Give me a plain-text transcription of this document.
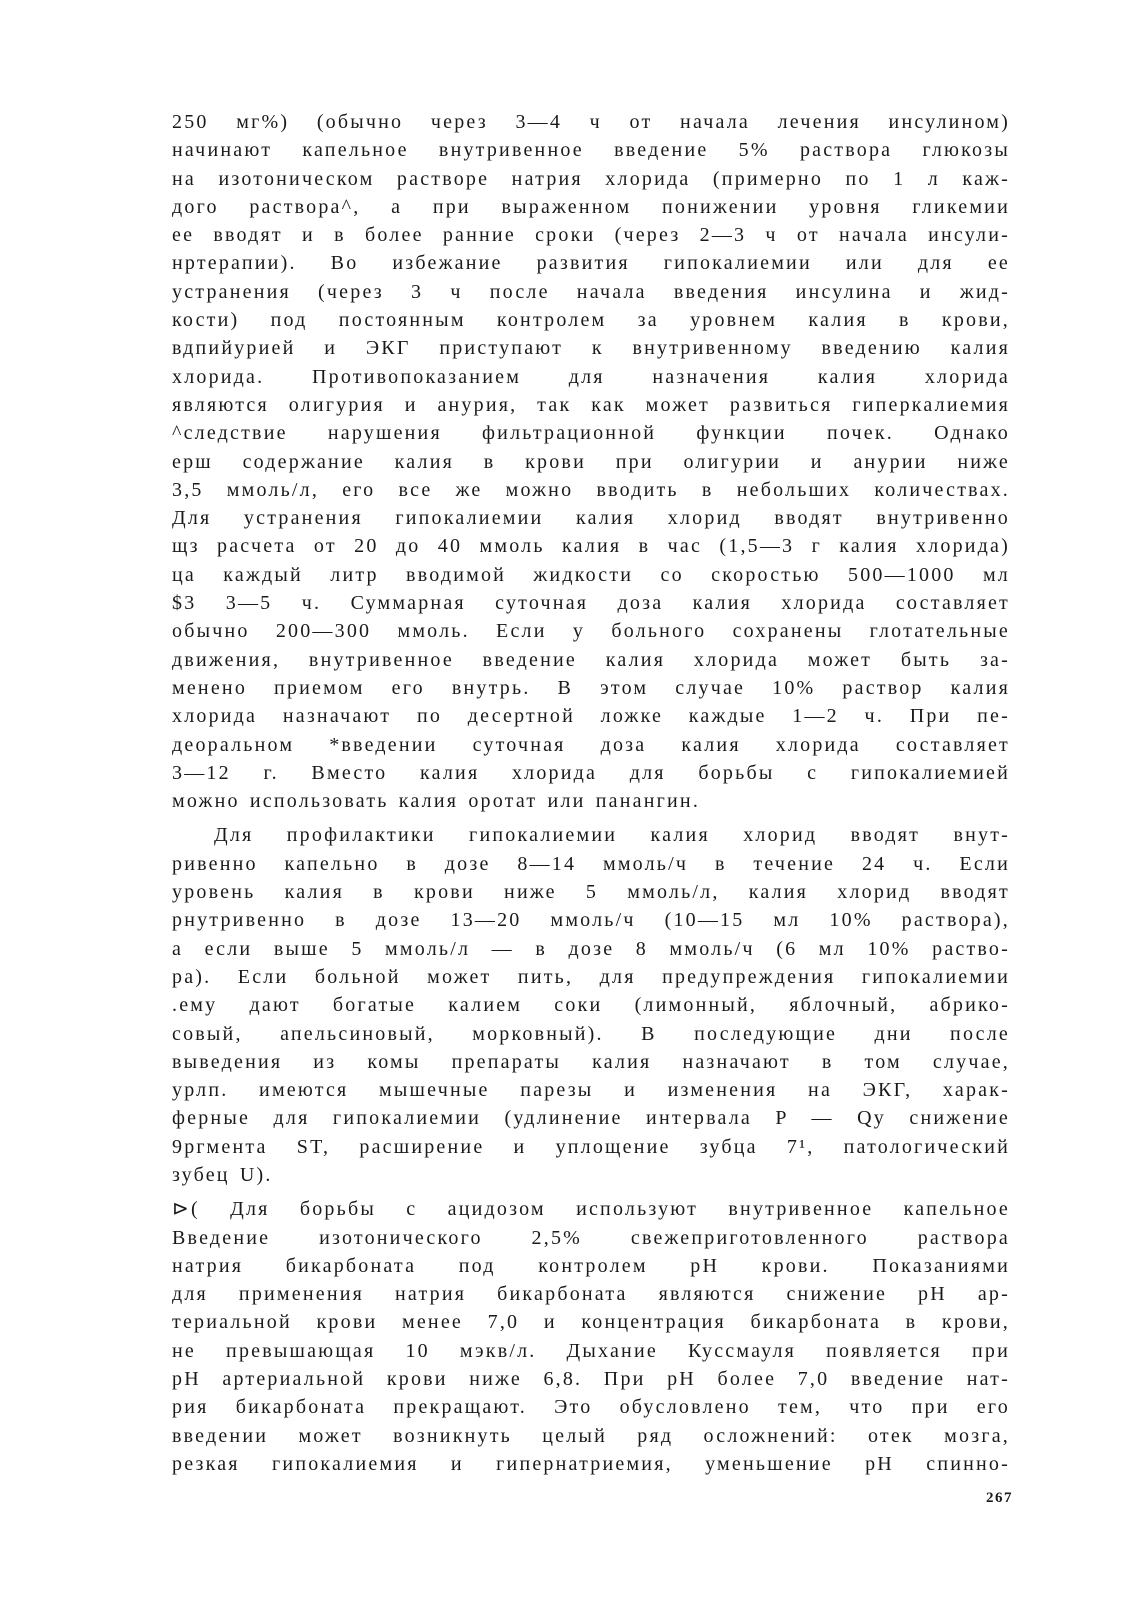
250 мг%) (обычно через 3—4 ч от начала лечения инсулином)
начинают капельное внутривенное введение 5% раствора глюкозы
на изотоническом растворе натрия хлорида (примерно по 1 л каж-
дого раствора^, а при выраженном понижении уровня гликемии
ее вводят и в более ранние сроки (через 2—3 ч от начала инсули-
нртерапии). Во избежание развития гипокалиемии или для ее
устранения (через 3 ч после начала введения инсулина и жид-
кости) под постоянным контролем за уровнем калия в крови,
вдпийурией и ЭКГ приступают к внутривенному введению калия
хлорида. Противопоказанием для назначения калия хлорида
являются олигурия и анурия, так как может развиться гиперкалиемия
^следствие нарушения фильтрационной функции почек. Однако
ерш содержание калия в крови при олигурии и анурии ниже
3,5 ммоль/л, его все же можно вводить в небольших количествах.
Для устранения гипокалиемии калия хлорид вводят внутривенно
щз расчета от 20 до 40 ммоль калия в час (1,5—3 г калия хлорида)
ца каждый литр вводимой жидкости со скоростью 500—1000 мл
$3 3—5 ч. Суммарная суточная доза калия хлорида составляет
обычно 200—300 ммоль. Если у больного сохранены глотательные
движения, внутривенное введение калия хлорида может быть за-
менено приемом его внутрь. В этом случае 10% раствор калия
хлорида назначают по десертной ложке каждые 1—2 ч. При пе-
деоральном *введении суточная доза калия хлорида составляет
3—12 г. Вместо калия хлорида для борьбы с гипокалиемией
можно использовать калия оротат или панангин.
Для профилактики гипокалиемии калия хлорид вводят внут-
ривенно капельно в дозе 8—14 ммоль/ч в течение 24 ч. Если
уровень калия в крови ниже 5 ммоль/л, калия хлорид вводят
рнутривенно в дозе 13—20 ммоль/ч (10—15 мл 10% раствора),
а если выше 5 ммоль/л — в дозе 8 ммоль/ч (6 мл 10% раство-
ра). Если больной может пить, для предупреждения гипокалиемии
.ему дают богатые калием соки (лимонный, яблочный, абрико-
совый, апельсиновый, морковный). В последующие дни после
выведения из комы препараты калия назначают в том случае,
урлп. имеются мышечные парезы и изменения на ЭКГ, харак-
ферные для гипокалиемии (удлинение интервала P — Qy снижение
9ргмента ST, расширение и уплощение зубца 7¹, патологический
зубец U).
⊳( Для борьбы с ацидозом используют внутривенное капельное
Введение изотонического 2,5% свежеприготовленного раствора
натрия бикарбоната под контролем pH крови. Показаниями
для применения натрия бикарбоната являются снижение pH ар-
териальной крови менее 7,0 и концентрация бикарбоната в крови,
не превышающая 10 мэкв/л. Дыхание Куссмауля появляется при
pH артериальной крови ниже 6,8. При pH более 7,0 введение нат-
рия бикарбоната прекращают. Это обусловлено тем, что при его
введении может возникнуть целый ряд осложнений: отек мозга,
резкая гипокалиемия и гипернатриемия, уменьшение pH спинно-
267
